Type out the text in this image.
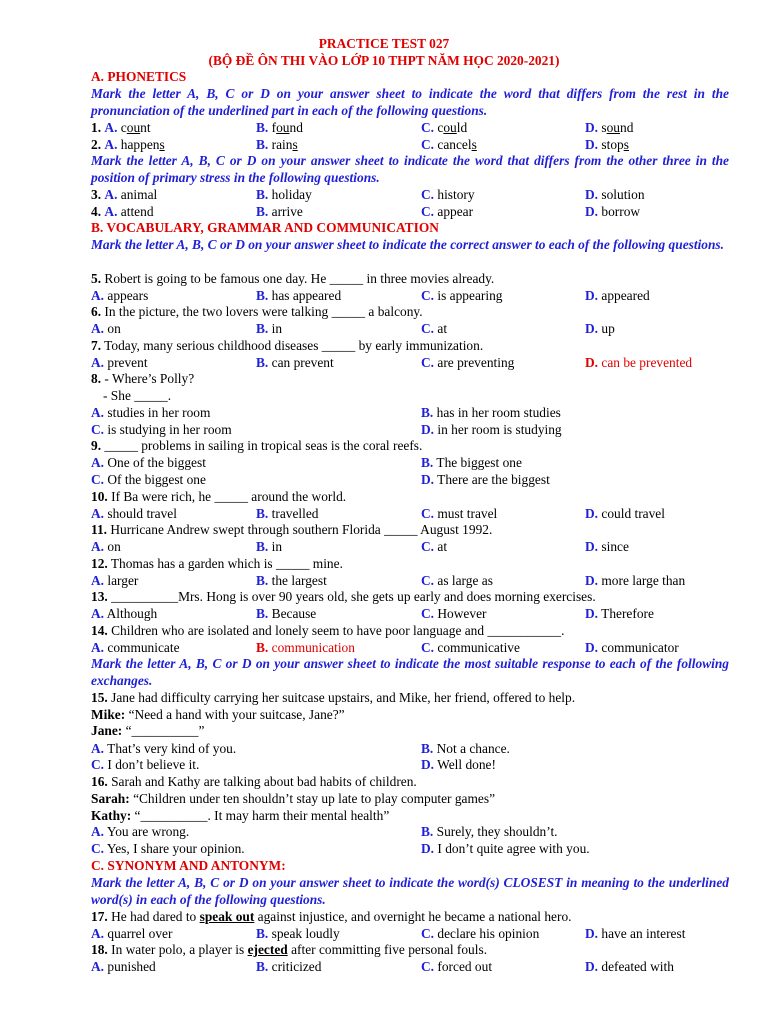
PRACTICE TEST 027
(BỘ ĐỀ ÔN THI VÀO LỚP 10 THPT NĂM HỌC 2020-2021)
A. PHONETICS
Mark the letter A, B, C or D on your answer sheet to indicate the word that differs from the rest in the pronunciation of the underlined part in each of the following questions.
1. A. count	B. found	C. could	D. sound
2. A. happens	B. rains	C. cancels	D. stops
Mark the letter A, B, C or D on your answer sheet to indicate the word that differs from the other three in the position of primary stress in the following questions.
3. A. animal	B. holiday	C. history	D. solution
4. A. attend	B. arrive	C. appear	D. borrow
B. VOCABULARY, GRAMMAR AND COMMUNICATION
Mark the letter A, B, C or D on your answer sheet to indicate the correct answer to each of the following questions.
5. Robert is going to be famous one day. He _____ in three movies already.
A. appears	B. has appeared	C. is appearing	D. appeared
6. In the picture, the two lovers were talking _____ a balcony.
A. on	B. in	C. at	D. up
7. Today, many serious childhood diseases _____ by early immunization.
A. prevent	B. can prevent	C. are preventing	D. can be prevented
8. - Where’s Polly?
- She _____.
A. studies in her room	B. has in her room studies
C. is studying in her room	D. in her room is studying
9. _____ problems in sailing in tropical seas is the coral reefs.
A. One of the biggest	B. The biggest one
C. Of the biggest one	D. There are the biggest
10. If Ba were rich, he _____ around the world.
A. should travel	B. travelled	C. must travel	D. could travel
11. Hurricane Andrew swept through southern Florida _____ August 1992.
A. on	B. in	C. at	D. since
12. Thomas has a garden which is _____ mine.
A. larger	B. the largest	C. as large as	D. more large than
13. __________Mrs. Hong is over 90 years old, she gets up early and does morning exercises.
A. Although	B. Because	C. However	D. Therefore
14. Children who are isolated and lonely seem to have poor language and ___________.
A. communicate	B. communication	C. communicative	D. communicator
Mark the letter A, B, C or D on your answer sheet to indicate the most suitable response to each of the following exchanges.
15. Jane had difficulty carrying her suitcase upstairs, and Mike, her friend, offered to help.
Mike: “Need a hand with your suitcase, Jane?”
Jane: “__________”
A. That’s very kind of you.	B. Not a chance.
C. I don’t believe it.	D. Well done!
16. Sarah and Kathy are talking about bad habits of children.
Sarah: “Children under ten shouldn’t stay up late to play computer games”
Kathy: “__________. It may harm their mental health”
A. You are wrong.	B. Surely, they shouldn’t.
C. Yes, I share your opinion.	D. I don’t quite agree with you.
C. SYNONYM AND ANTONYM:
Mark the letter A, B, C or D on your answer sheet to indicate the word(s) CLOSEST in meaning to the underlined word(s) in each of the following questions.
17. He had dared to speak out against injustice, and overnight he became a national hero.
A. quarrel over	B. speak loudly	C. declare his opinion	D. have an interest
18. In water polo, a player is ejected after committing five personal fouls.
A. punished	B. criticized	C. forced out	D. defeated with
